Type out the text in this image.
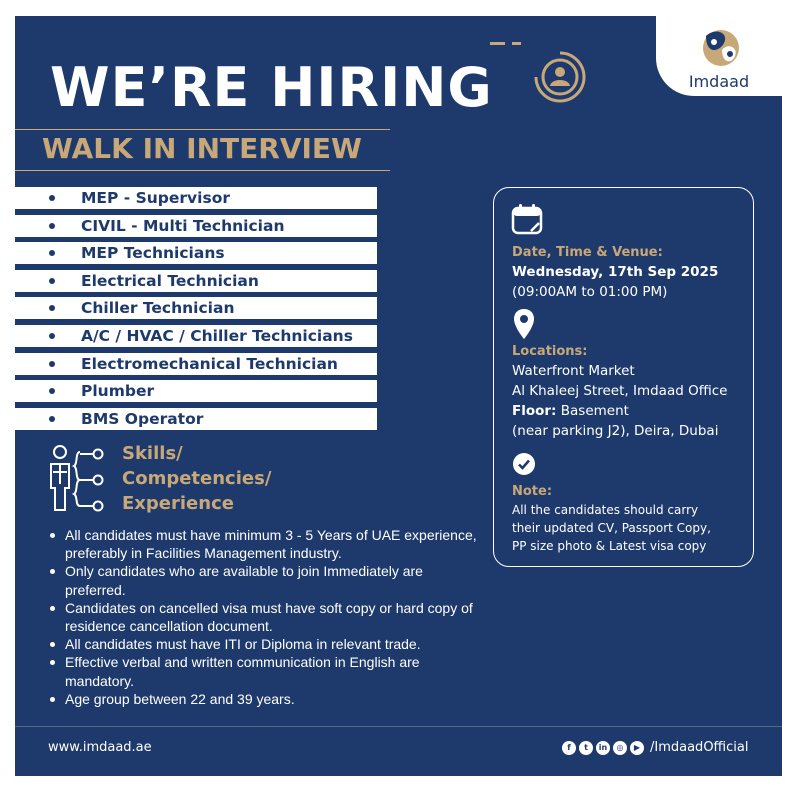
Imdaad
WE’RE HIRING
WALK IN INTERVIEW
MEP - Supervisor
CIVIL - Multi Technician
MEP Technicians
Electrical Technician
Chiller Technician
A/C / HVAC / Chiller Technicians
Electromechanical Technician
Plumber
BMS Operator
Skills/
Competencies/
Experience
All candidates must have minimum 3 - 5 Years of UAE experience, preferably in Facilities Management industry.
Only candidates who are available to join Immediately are preferred.
Candidates on cancelled visa must have soft copy or hard copy of residence cancellation document.
All candidates must have ITI or Diploma in relevant trade.
Effective verbal and written communication in English are mandatory.
Age group between 22 and 39 years.
Date, Time & Venue:
Wednesday, 17th Sep 2025
(09:00AM to 01:00 PM)
Locations:
Waterfront Market
Al Khaleej Street, Imdaad Office
Floor: Basement
(near parking J2), Deira, Dubai
Note:
All the candidates should carry
their updated CV, Passport Copy,
PP size photo & Latest visa copy
www.imdaad.ae	f	t	in	◎	▶ /ImdaadOfficial
